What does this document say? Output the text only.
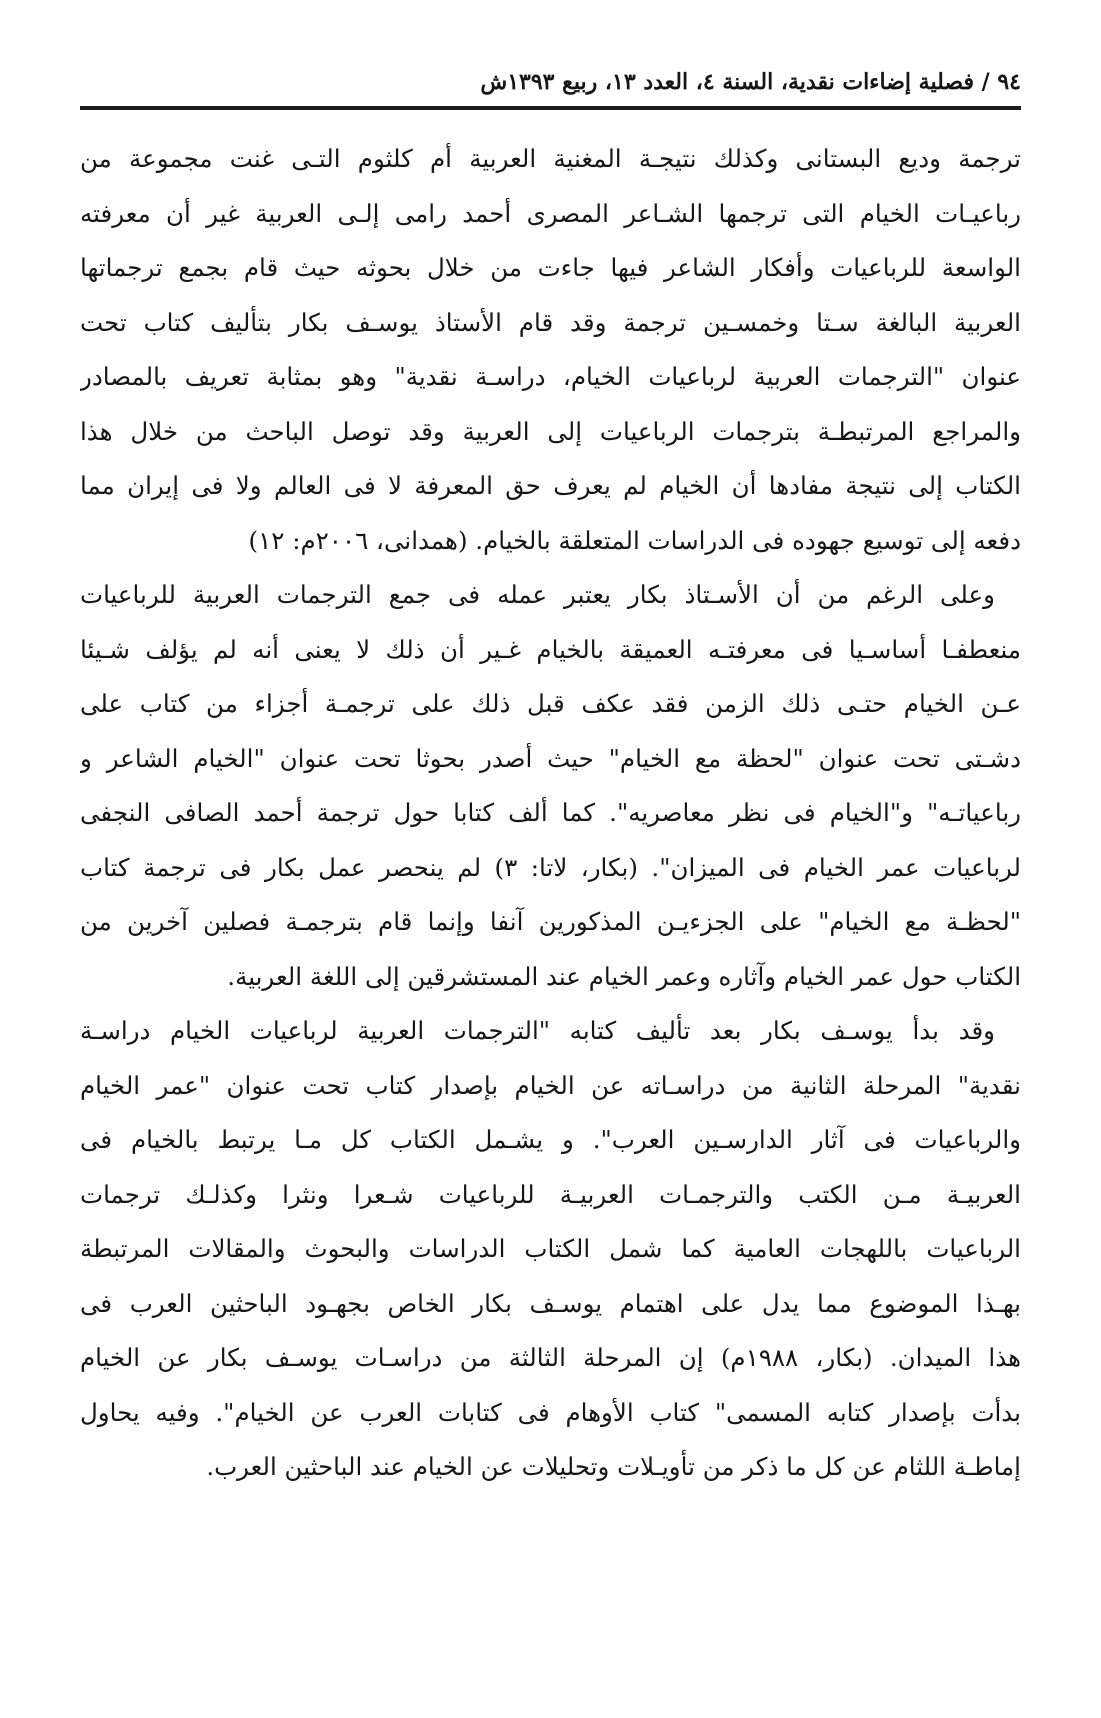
٩٤ / فصلية إضاءات نقدية، السنة ٤، العدد ١٣، ربيع ١٣٩٣ش
ترجمة وديع البستانى وكذلك نتيجـة المغنية العربية أم كلثوم التـى غنت مجموعة من
رباعيـات الخيام التى ترجمها الشـاعر المصرى أحمد رامى إلـى العربية غير أن معرفته
الواسعة للرباعيات وأفكار الشاعر فيها جاءت من خلال بحوثه حيث قام بجمع ترجماتها
العربية البالغة سـتا وخمسـين ترجمة وقد قام الأستاذ يوسـف بكار بتأليف كتاب تحت
عنوان "الترجمات العربية لرباعيات الخيام، دراسـة نقدية" وهو بمثابة تعريف بالمصادر
والمراجع المرتبطـة بترجمات الرباعيات إلى العربية وقد توصل الباحث من خلال هذا
الكتاب إلى نتيجة مفادها أن الخيام لم يعرف حق المعرفة لا فى العالم ولا فى إيران مما
دفعه إلى توسيع جهوده فى الدراسات المتعلقة بالخيام. (همدانى، ٢٠٠٦م: ١٢)
وعلى الرغم من أن الأسـتاذ بكار يعتبر عمله فى جمع الترجمات العربية للرباعيات
منعطفـا أساسـيا فى معرفتـه العميقة بالخيام غـير أن ذلك لا يعنى أنه لم يؤلف شـيئا
عـن الخيام حتـى ذلك الزمن فقد عكف قبل ذلك على ترجمـة أجزاء من كتاب على
دشـتى تحت عنوان "لحظة مع الخيام" حيث أصدر بحوثا تحت عنوان "الخيام الشاعر و
رباعياتـه" و"الخيام فى نظر معاصريه". كما ألف كتابا حول ترجمة أحمد الصافى النجفى
لرباعيات عمر الخيام فى الميزان". (بكار، لاتا: ٣) لم ينحصر عمل بكار فى ترجمة كتاب
"لحظـة مع الخيام" على الجزءيـن المذكورين آنفا وإنما قام بترجمـة فصلين آخرين من
الكتاب حول عمر الخيام وآثاره وعمر الخيام عند المستشرقين إلى اللغة العربية.
وقد بدأ يوسـف بكار بعد تأليف كتابه "الترجمات العربية لرباعيات الخيام دراسـة
نقدية" المرحلة الثانية من دراسـاته عن الخيام بإصدار كتاب تحت عنوان "عمر الخيام
والرباعيات فى آثار الدارسـين العرب". و يشـمل الكتاب كل مـا يرتبط بالخيام فى
العربيـة مـن الكتب والترجمـات العربيـة للرباعيات شـعرا ونثرا وكذلـك ترجمات
الرباعيات باللهجات العامية كما شمل الكتاب الدراسات والبحوث والمقالات المرتبطة
بهـذا الموضوع مما يدل على اهتمام يوسـف بكار الخاص بجهـود الباحثين العرب فى
هذا الميدان. (بكار، ١٩٨٨م) إن المرحلة الثالثة من دراسـات يوسـف بكار عن الخيام
بدأت بإصدار كتابه المسمى" كتاب الأوهام فى كتابات العرب عن الخيام". وفيه يحاول
إماطـة اللثام عن كل ما ذكر من تأويـلات وتحليلات عن الخيام عند الباحثين العرب.
